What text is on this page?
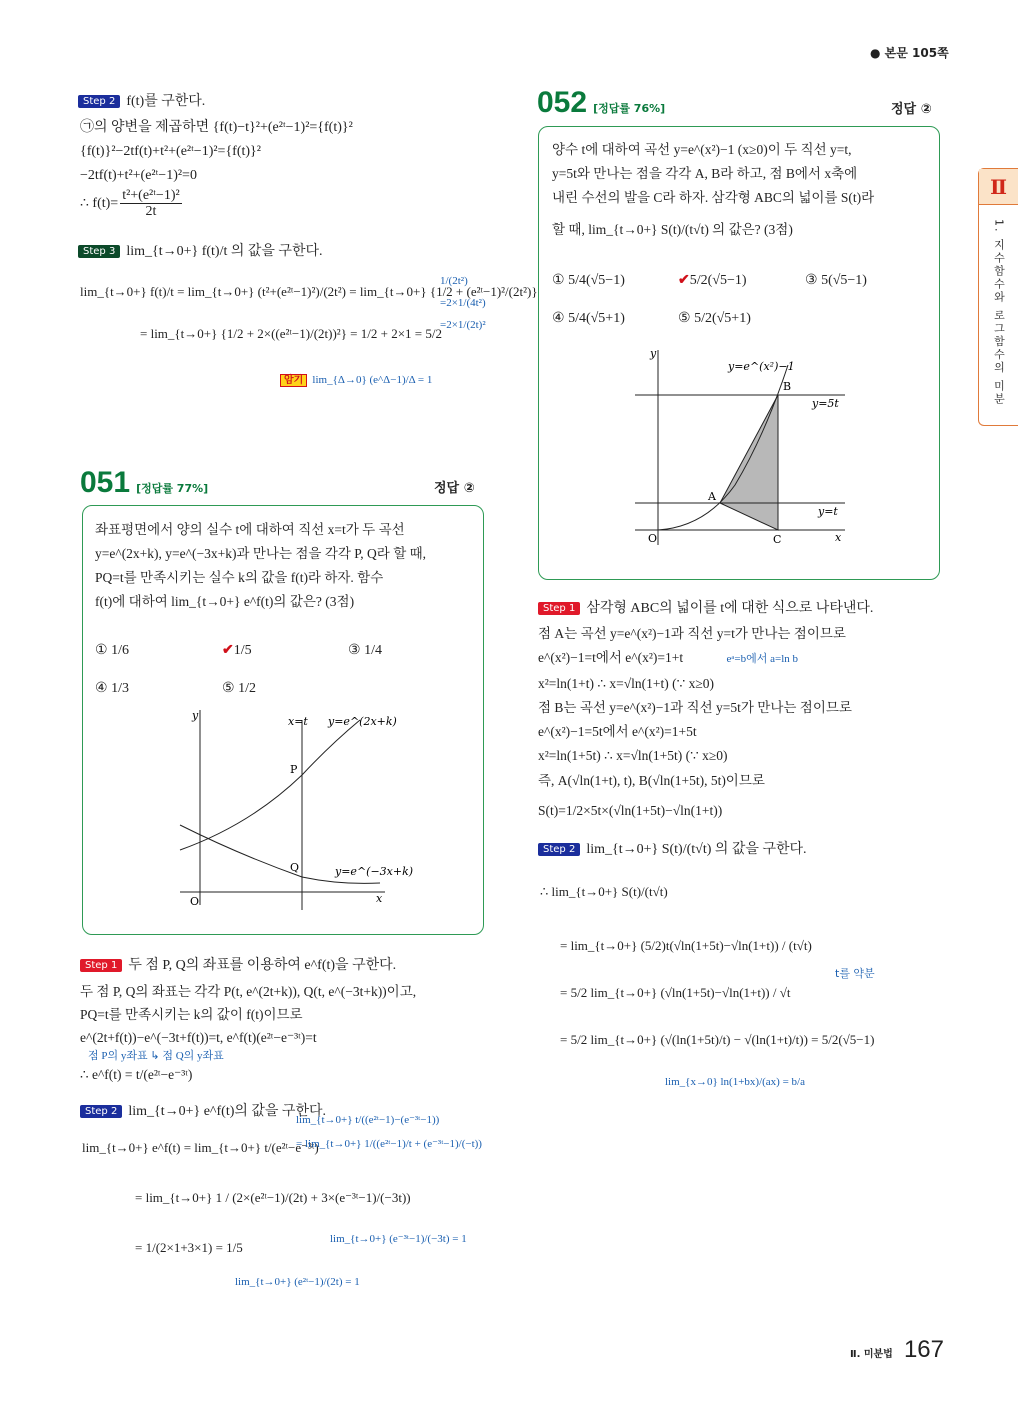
● 본문 105쪽
Step 2 f(t)를 구한다.
㉠의 양변을 제곱하면 {f(t)−t}²+(e²ᵗ−1)²={f(t)}²
{f(t)}²−2tf(t)+t²+(e²ᵗ−1)²={f(t)}²
−2tf(t)+t²+(e²ᵗ−1)²=0
∴ $f(t)= \frac{\text{t²+(e²ᵗ−1)²}}{2t}$
Step 3 lim_{t→0+} f(t)/t 의 값을 구한다.
lim_{t→0+} f(t)/t = lim_{t→0+} (t²+(e²ᵗ−1)²)/(2t²) = lim_{t→0+} {1/2 + (e²ᵗ−1)²/(2t²)}
= lim_{t→0+} {1/2 + 2×((e²ᵗ−1)/(2t))²} = 1/2 + 2×1 = 5/2
1/(2t²)
=2×1/(4t²)
=2×1/(2t)²
암기 lim_{Δ→0} (e^Δ−1)/Δ = 1
051 [정답률 77%]	정답 ②
좌표평면에서 양의 실수 t에 대하여 직선 x=t가 두 곡선
y=e^(2x+k), y=e^(−3x+k)과 만나는 점을 각각 P, Q라 할 때,
PQ=t를 만족시키는 실수 k의 값을 f(t)라 하자. 함수
f(t)에 대하여 lim_{t→0+} e^f(t)의 값은? (3점)
① 1/6	✔1/5	③ 1/4
④ 1/3	⑤ 1/2
y
x
O
P
Q
x=t y=e^(2x+k)
y=e^(−3x+k)
Step 1 두 점 P, Q의 좌표를 이용하여 e^f(t)을 구한다.
두 점 P, Q의 좌표는 각각 P(t, e^(2t+k)), Q(t, e^(−3t+k))이고,
PQ=t를 만족시키는 k의 값이 f(t)이므로
e^(2t+f(t))−e^(−3t+f(t))=t, e^f(t)(e²ᵗ−e⁻³ᵗ)=t
점 P의 y좌표 ↳ 점 Q의 y좌표
∴ e^f(t) = t/(e²ᵗ−e⁻³ᵗ)
Step 2 lim_{t→0+} e^f(t)의 값을 구한다.
lim_{t→0+} e^f(t) = lim_{t→0+} t/(e²ᵗ−e⁻³ᵗ)
= lim_{t→0+} 1 / (2×(e²ᵗ−1)/(2t) + 3×(e⁻³ᵗ−1)/(−3t))
= 1/(2×1+3×1) = 1/5
lim_{t→0+} t/((e²ᵗ−1)−(e⁻³ᵗ−1))
= lim_{t→0+} 1/((e²ᵗ−1)/t + (e⁻³ᵗ−1)/(−t))
lim_{t→0+} (e⁻³ᵗ−1)/(−3t) = 1
lim_{t→0+} (e²ᵗ−1)/(2t) = 1
052 [정답률 76%]	정답 ②
양수 t에 대하여 곡선 y=e^(x²)−1 (x≥0)이 두 직선 y=t,
y=5t와 만나는 점을 각각 A, B라 하고, 점 B에서 x축에
내린 수선의 발을 C라 하자. 삼각형 ABC의 넓이를 S(t)라
할 때, lim_{t→0+} S(t)/(t√t) 의 값은? (3점)
① 5/4(√5−1)	✔5/2(√5−1)	③ 5(√5−1)
④ 5/4(√5+1)	⑤ 5/2(√5+1)
y
x
O
A
B
C
y=e^(x²)−1
y=5t
y=t
Step 1 삼각형 ABC의 넓이를 t에 대한 식으로 나타낸다.
점 A는 곡선 y=e^(x²)−1과 직선 y=t가 만나는 점이므로
e^(x²)−1=t에서 e^(x²)=1+t	eᵃ=b에서 a=ln b
x²=ln(1+t) ∴ x=√ln(1+t) (∵ x≥0)
점 B는 곡선 y=e^(x²)−1과 직선 y=5t가 만나는 점이므로
e^(x²)−1=5t에서 e^(x²)=1+5t
x²=ln(1+5t) ∴ x=√ln(1+5t) (∵ x≥0)
즉, A(√ln(1+t), t), B(√ln(1+5t), 5t)이므로
S(t)=1/2×5t×(√ln(1+5t)−√ln(1+t))
Step 2 lim_{t→0+} S(t)/(t√t) 의 값을 구한다.
∴ lim_{t→0+} S(t)/(t√t)
= lim_{t→0+} (5/2)t(√ln(1+5t)−√ln(1+t)) / (t√t)
= 5/2 lim_{t→0+} (√ln(1+5t)−√ln(1+t)) / √t
= 5/2 lim_{t→0+} (√(ln(1+5t)/t) − √(ln(1+t)/t)) = 5/2(√5−1)
t를 약분
lim_{x→0} ln(1+bx)/(ax) = b/a
Ⅱ
1. 지수함수와 로그함수의 미분
Ⅱ. 미분법 167
